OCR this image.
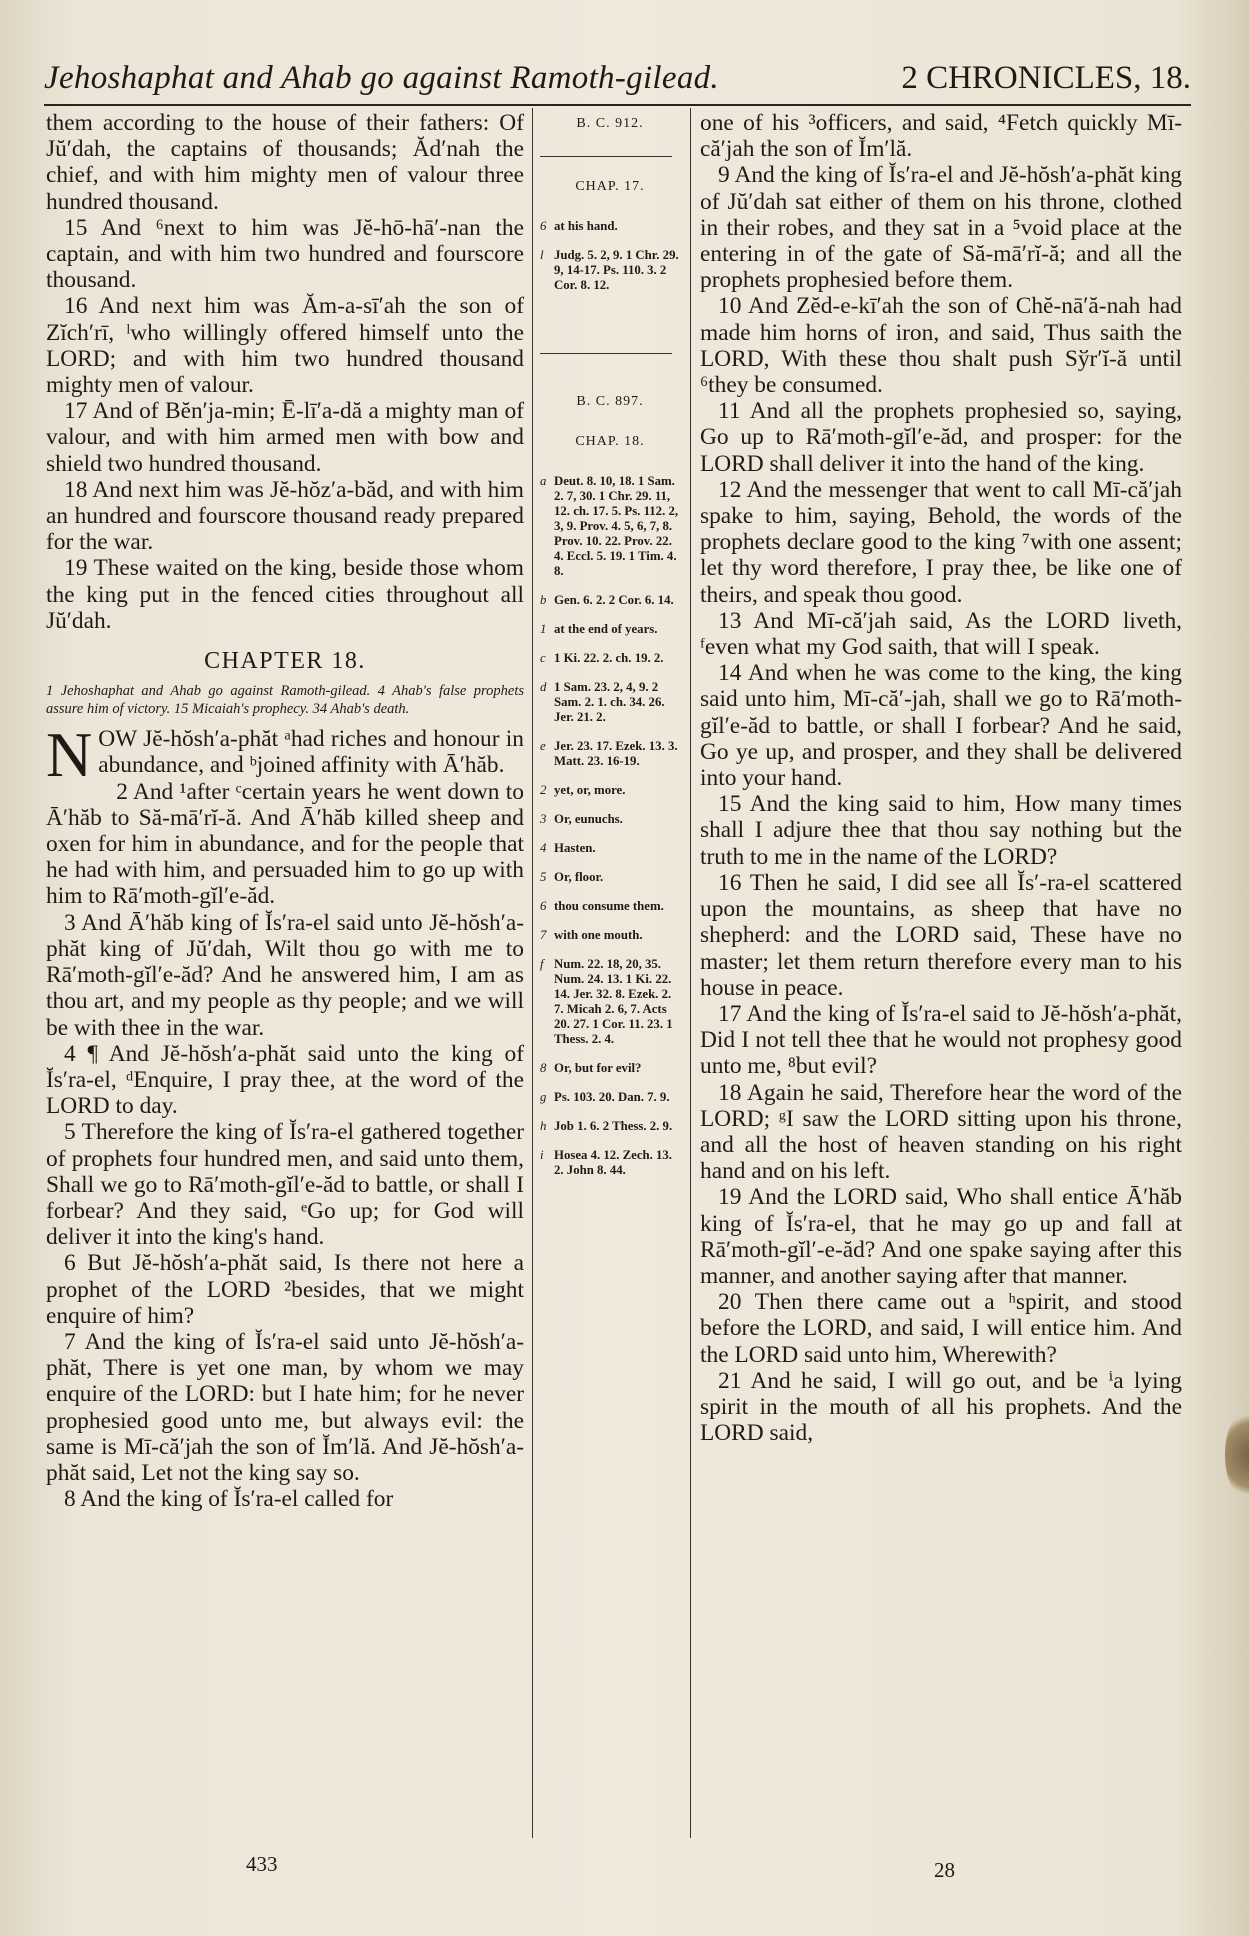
Jehoshaphat and Ahab go against Ramoth-gilead.	2 CHRONICLES, 18.

them according to the house of their fathers: Of Jŭ′dah, the captains of thousands; Ăd′nah the chief, and with him mighty men of valour three hundred thousand.

15 And ⁶next to him was Jĕ-hō-hā′-nan the captain, and with him two hundred and fourscore thousand.

16 And next him was Ăm-a-sī′ah the son of Zĭch′rī, ˡwho willingly offered himself unto the LORD; and with him two hundred thousand mighty men of valour.

17 And of Bĕn′ja-min; Ē-lī′a-dă a mighty man of valour, and with him armed men with bow and shield two hundred thousand.

18 And next him was Jĕ-hŏz′a-băd, and with him an hundred and fourscore thousand ready prepared for the war.

19 These waited on the king, beside those whom the king put in the fenced cities throughout all Jŭ′dah.

CHAPTER 18.
1 Jehoshaphat and Ahab go against Ramoth-gilead. 4 Ahab's false prophets assure him of victory. 15 Micaiah's prophecy. 34 Ahab's death.

NOW Jĕ-hŏsh′a-phăt ᵃhad riches and honour in abundance, and ᵇjoined affinity with Ā′hăb.

2 And ¹after ᶜcertain years he went down to Ā′hăb to Să-mā′rĭ-ă. And Ā′hăb killed sheep and oxen for him in abundance, and for the people that he had with him, and persuaded him to go up with him to Rā′moth-gĭl′e-ăd.

3 And Ā′hăb king of Ĭs′ra-el said unto Jĕ-hŏsh′a-phăt king of Jŭ′dah, Wilt thou go with me to Rā′moth-gĭl′e-ăd? And he answered him, I am as thou art, and my people as thy people; and we will be with thee in the war.

4 ¶ And Jĕ-hŏsh′a-phăt said unto the king of Ĭs′ra-el, ᵈEnquire, I pray thee, at the word of the LORD to day.

5 Therefore the king of Ĭs′ra-el gathered together of prophets four hundred men, and said unto them, Shall we go to Rā′moth-gĭl′e-ăd to battle, or shall I forbear? And they said, ᵉGo up; for God will deliver it into the king's hand.

6 But Jĕ-hŏsh′a-phăt said, Is there not here a prophet of the LORD ²besides, that we might enquire of him?

7 And the king of Ĭs′ra-el said unto Jĕ-hŏsh′a-phăt, There is yet one man, by whom we may enquire of the LORD: but I hate him; for he never prophesied good unto me, but always evil: the same is Mī-că′jah the son of Ĭm′lă. And Jĕ-hŏsh′a-phăt said, Let not the king say so.

8 And the king of Ĭs′ra-el called for

B. C. 912.
CHAP. 17.
6 at his hand.
l Judg. 5. 2, 9. 1 Chr. 29. 9, 14-17. Ps. 110. 3. 2 Cor. 8. 12.
B. C. 897.
CHAP. 18.
a Deut. 8. 10, 18. 1 Sam. 2. 7, 30. 1 Chr. 29. 11, 12. ch. 17. 5. Ps. 112. 2, 3, 9. Prov. 4. 5, 6, 7, 8. Prov. 10. 22. Prov. 22. 4. Eccl. 5. 19. 1 Tim. 4. 8.
b Gen. 6. 2. 2 Cor. 6. 14.
1 at the end of years.
c 1 Ki. 22. 2. ch. 19. 2.
d 1 Sam. 23. 2, 4, 9. 2 Sam. 2. 1. ch. 34. 26. Jer. 21. 2.
e Jer. 23. 17. Ezek. 13. 3. Matt. 23. 16-19.
2 yet, or, more.
3 Or, eunuchs.
4 Hasten.
5 Or, floor.
6 thou consume them.
7 with one mouth.
f Num. 22. 18, 20, 35. Num. 24. 13. 1 Ki. 22. 14. Jer. 32. 8. Ezek. 2. 7. Micah 2. 6, 7. Acts 20. 27. 1 Cor. 11. 23. 1 Thess. 2. 4.
8 Or, but for evil?
g Ps. 103. 20. Dan. 7. 9.
h Job 1. 6. 2 Thess. 2. 9.
i Hosea 4. 12. Zech. 13. 2. John 8. 44.

one of his ³officers, and said, ⁴Fetch quickly Mī-că′jah the son of Ĭm′lă.

9 And the king of Ĭs′ra-el and Jĕ-hŏsh′a-phăt king of Jŭ′dah sat either of them on his throne, clothed in their robes, and they sat in a ⁵void place at the entering in of the gate of Să-mā′rĭ-ă; and all the prophets prophesied before them.

10 And Zĕd-e-kī′ah the son of Chĕ-nā′ă-nah had made him horns of iron, and said, Thus saith the LORD, With these thou shalt push Sўr′ĭ-ă until ⁶they be consumed.

11 And all the prophets prophesied so, saying, Go up to Rā′moth-gĭl′e-ăd, and prosper: for the LORD shall deliver it into the hand of the king.

12 And the messenger that went to call Mī-că′jah spake to him, saying, Behold, the words of the prophets declare good to the king ⁷with one assent; let thy word therefore, I pray thee, be like one of theirs, and speak thou good.

13 And Mī-că′jah said, As the LORD liveth, ᶠeven what my God saith, that will I speak.

14 And when he was come to the king, the king said unto him, Mī-că′-jah, shall we go to Rā′moth-gĭl′e-ăd to battle, or shall I forbear? And he said, Go ye up, and prosper, and they shall be delivered into your hand.

15 And the king said to him, How many times shall I adjure thee that thou say nothing but the truth to me in the name of the LORD?

16 Then he said, I did see all Ĭs′-ra-el scattered upon the mountains, as sheep that have no shepherd: and the LORD said, These have no master; let them return therefore every man to his house in peace.

17 And the king of Ĭs′ra-el said to Jĕ-hŏsh′a-phăt, Did I not tell thee that he would not prophesy good unto me, ⁸but evil?

18 Again he said, Therefore hear the word of the LORD; ᵍI saw the LORD sitting upon his throne, and all the host of heaven standing on his right hand and on his left.

19 And the LORD said, Who shall entice Ā′hăb king of Ĭs′ra-el, that he may go up and fall at Rā′moth-gĭl′-e-ăd? And one spake saying after this manner, and another saying after that manner.

20 Then there came out a ʰspirit, and stood before the LORD, and said, I will entice him. And the LORD said unto him, Wherewith?

21 And he said, I will go out, and be ⁱa lying spirit in the mouth of all his prophets. And the LORD said,

433	28
